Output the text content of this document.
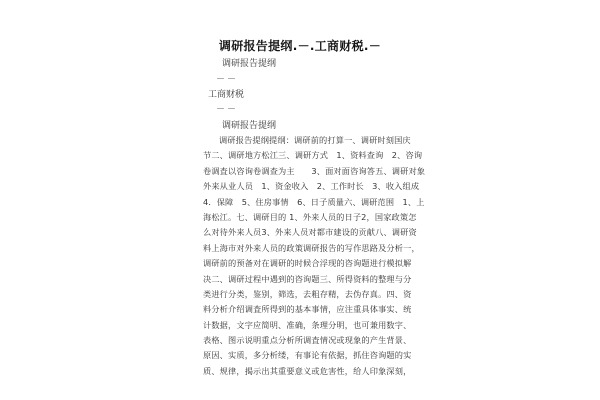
调研报告提纲.－.工商财税.－
调研报告提纲
－－
工商财税
－－
调研报告提纲
调研报告提纲提纲：调研前的打算一、调研时刻国庆
节二、调研地方松江三、调研方式　1、资料查询　2、咨询
卷调査以咨询卷调查为主　　3、面对面咨询答五、调研对象
外来从业人员　1、资金收入　2、工作时长　3、收入组成
4．保障　5、住房事情　6、日子质量六、调研范围　1、上
海松江。七、调研目的 1、外来人员的日子2，国家政策怎
么对待外来人员3、外来人员对都市建设的贡献八、调研资
料上海市对外来人员的政策调研报告的写作思路及分析一，
调研前的预备对在调研的时候合浮现的咨询题进行模拟解
决二、调研过程中遇到的咨询题三、所得资料的整理与分
类进行分类，鉴别，筛选，去粗存精，去伪存真。四、资
料分析介绍调査所得到的基本事情，应注重具体事实、统
计数据，文字应简明、准确，条理分明，也可兼用数字、
表格、图示说明重点分析所调査情况或现象的产生背景、
原因、实质，多分析缕，有事论有依据，抓住咨询题的实
质、规律，揭示出其重要意义或危害性，给人印象深刻，
